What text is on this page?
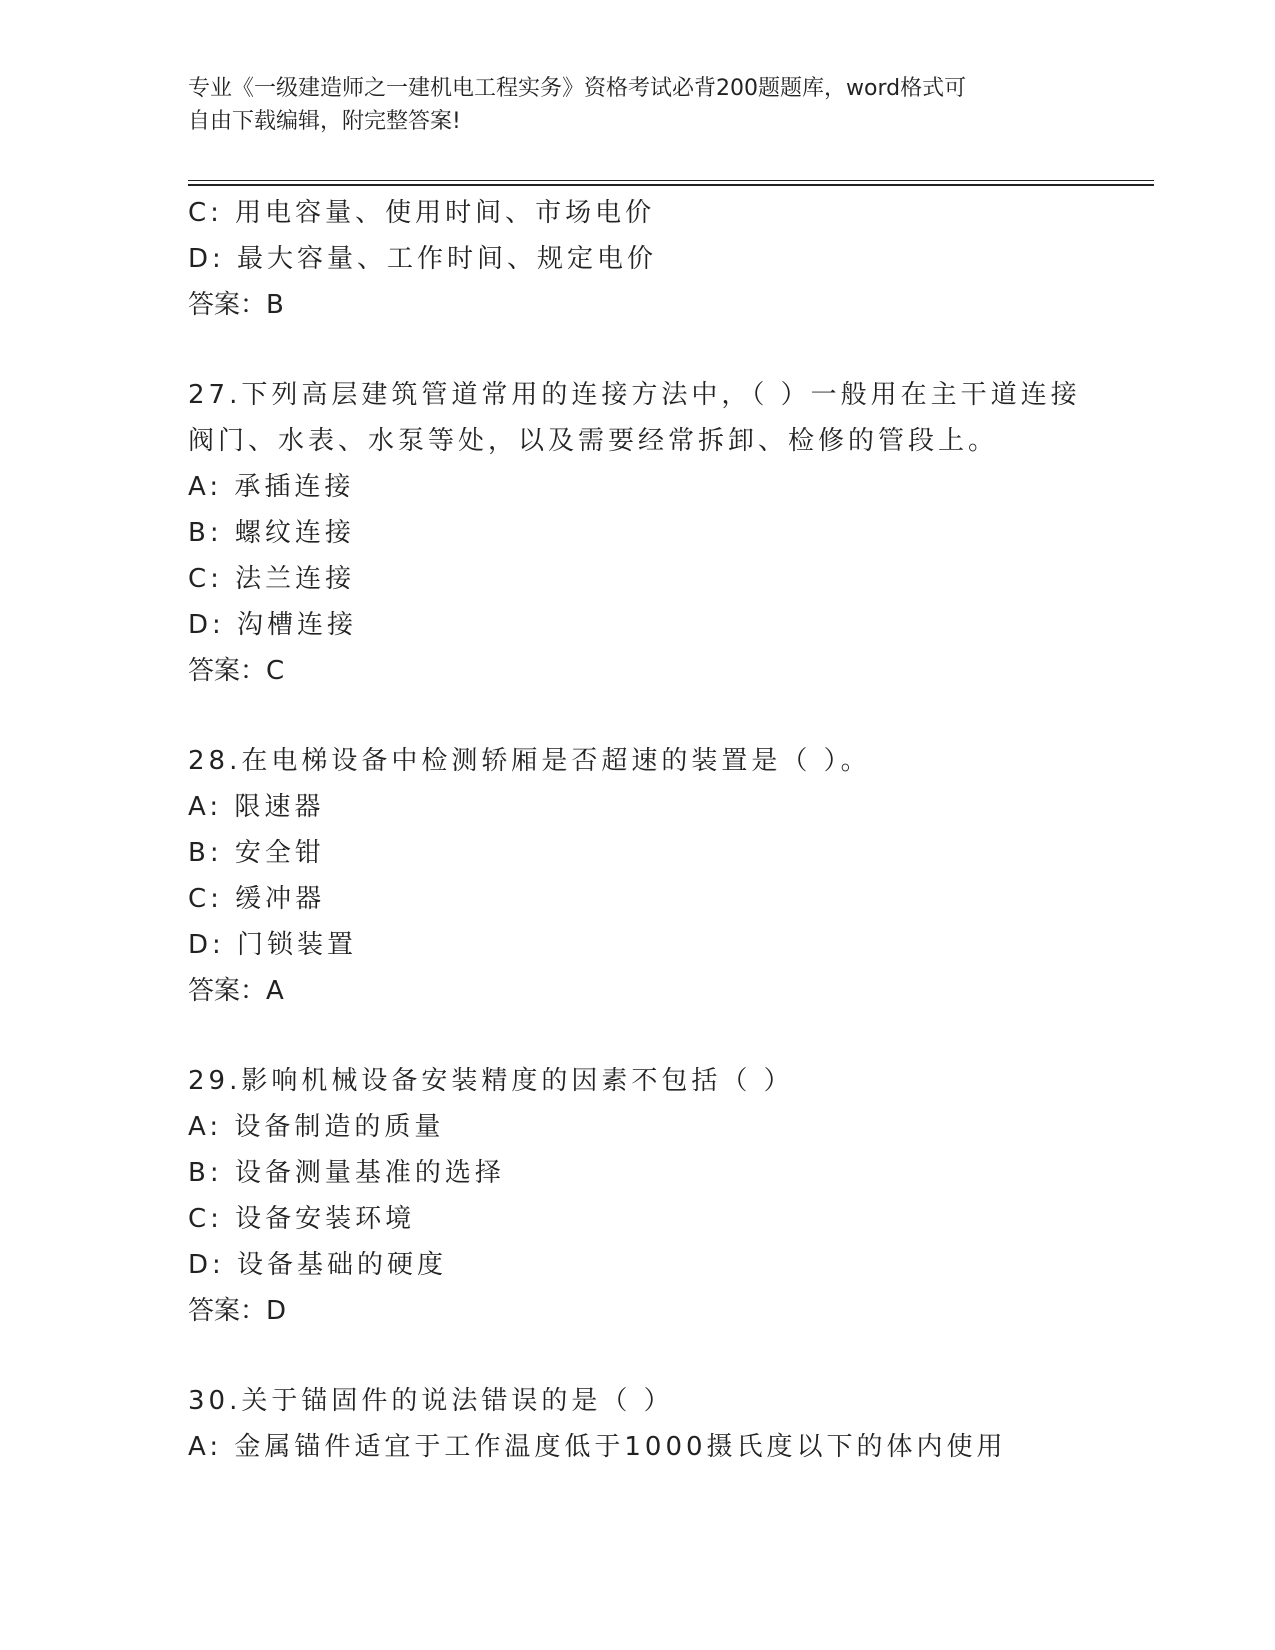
专业《一级建造师之一建机电工程实务》资格考试必背200题题库，word格式可
自由下载编辑，附完整答案!
C: 用电容量、使用时间、市场电价
D: 最大容量、工作时间、规定电价
答案：B
27.下列高层建筑管道常用的连接方法中，（ ）一般用在主干道连接
阀门、水表、水泵等处，以及需要经常拆卸、检修的管段上。
A: 承插连接
B: 螺纹连接
C: 法兰连接
D: 沟槽连接
答案：C
28.在电梯设备中检测轿厢是否超速的装置是（ ）。
A: 限速器
B: 安全钳
C: 缓冲器
D: 门锁装置
答案：A
29.影响机械设备安装精度的因素不包括（ ）
A: 设备制造的质量
B: 设备测量基准的选择
C: 设备安装环境
D: 设备基础的硬度
答案：D
30.关于锚固件的说法错误的是（ ）
A: 金属锚件适宜于工作温度低于1000摄氏度以下的体内使用
